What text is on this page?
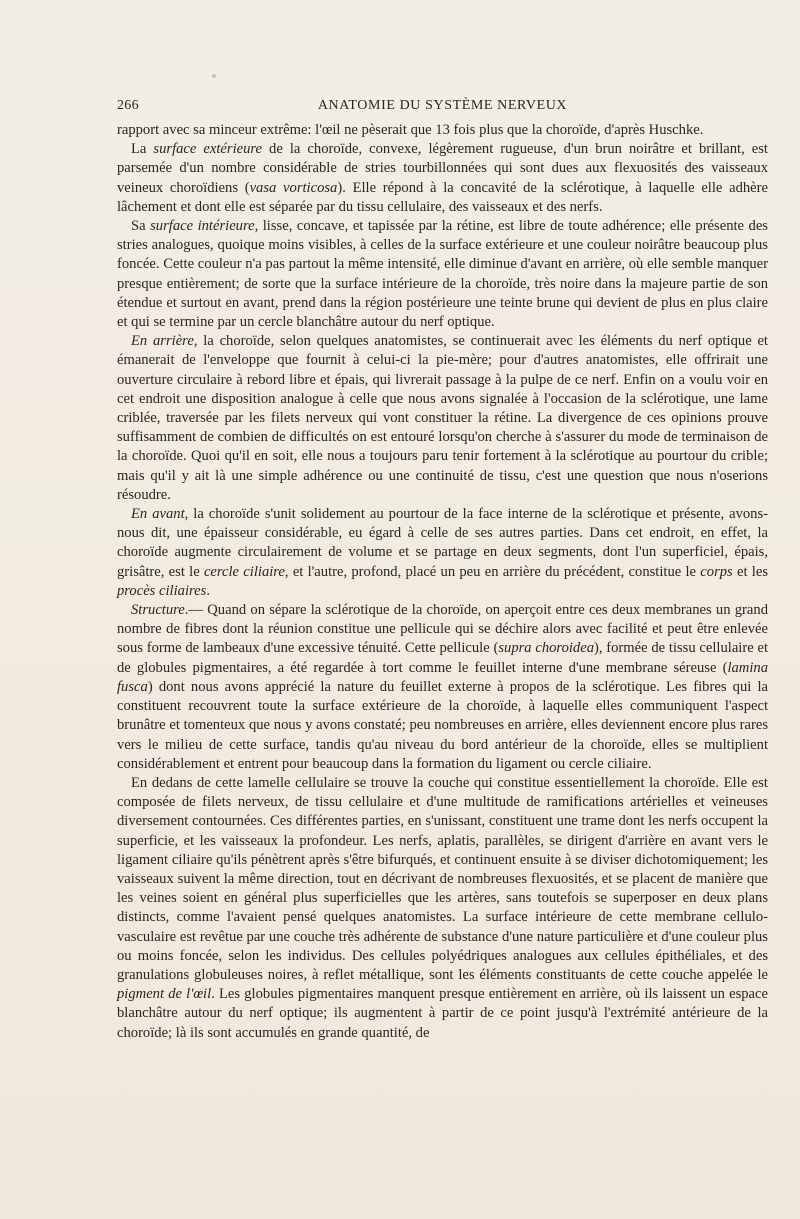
266	ANATOMIE DU SYSTÈME NERVEUX

rapport avec sa minceur extrême: l'œil ne pèserait que 13 fois plus que la choroïde, d'après Huschke.

La surface extérieure de la choroïde, convexe, légèrement rugueuse, d'un brun noirâtre et brillant, est parsemée d'un nombre considérable de stries tourbillonnées qui sont dues aux flexuosités des vaisseaux veineux choroïdiens (vasa vorticosa). Elle répond à la concavité de la sclérotique, à laquelle elle adhère lâchement et dont elle est séparée par du tissu cellulaire, des vaisseaux et des nerfs.

Sa surface intérieure, lisse, concave, et tapissée par la rétine, est libre de toute adhérence; elle présente des stries analogues, quoique moins visibles, à celles de la surface extérieure et une couleur noirâtre beaucoup plus foncée. Cette couleur n'a pas partout la même intensité, elle diminue d'avant en arrière, où elle semble manquer presque entièrement; de sorte que la surface intérieure de la choroïde, très noire dans la majeure partie de son étendue et surtout en avant, prend dans la région postérieure une teinte brune qui devient de plus en plus claire et qui se termine par un cercle blanchâtre autour du nerf optique.

En arrière, la choroïde, selon quelques anatomistes, se continuerait avec les éléments du nerf optique et émanerait de l'enveloppe que fournit à celui-ci la pie-mère; pour d'autres anatomistes, elle offrirait une ouverture circulaire à rebord libre et épais, qui livrerait passage à la pulpe de ce nerf. Enfin on a voulu voir en cet endroit une disposition analogue à celle que nous avons signalée à l'occasion de la sclérotique, une lame criblée, traversée par les filets nerveux qui vont constituer la rétine. La divergence de ces opinions prouve suffisamment de combien de difficultés on est entouré lorsqu'on cherche à s'assurer du mode de terminaison de la choroïde. Quoi qu'il en soit, elle nous a toujours paru tenir fortement à la sclérotique au pourtour du crible; mais qu'il y ait là une simple adhérence ou une continuité de tissu, c'est une question que nous n'oserions résoudre.

En avant, la choroïde s'unit solidement au pourtour de la face interne de la sclérotique et présente, avons-nous dit, une épaisseur considérable, eu égard à celle de ses autres parties. Dans cet endroit, en effet, la choroïde augmente circulairement de volume et se partage en deux segments, dont l'un superficiel, épais, grisâtre, est le cercle ciliaire, et l'autre, profond, placé un peu en arrière du précédent, constitue le corps et les procès ciliaires.

Structure.— Quand on sépare la sclérotique de la choroïde, on aperçoit entre ces deux membranes un grand nombre de fibres dont la réunion constitue une pellicule qui se déchire alors avec facilité et peut être enlevée sous forme de lambeaux d'une excessive ténuité. Cette pellicule (supra choroidea), formée de tissu cellulaire et de globules pigmentaires, a été regardée à tort comme le feuillet interne d'une membrane séreuse (lamina fusca) dont nous avons apprécié la nature du feuillet externe à propos de la sclérotique. Les fibres qui la constituent recouvrent toute la surface extérieure de la choroïde, à laquelle elles communiquent l'aspect brunâtre et tomenteux que nous y avons constaté; peu nombreuses en arrière, elles deviennent encore plus rares vers le milieu de cette surface, tandis qu'au niveau du bord antérieur de la choroïde, elles se multiplient considérablement et entrent pour beaucoup dans la formation du ligament ou cercle ciliaire.

En dedans de cette lamelle cellulaire se trouve la couche qui constitue essentiellement la choroïde. Elle est composée de filets nerveux, de tissu cellulaire et d'une multitude de ramifications artérielles et veineuses diversement contournées. Ces différentes parties, en s'unissant, constituent une trame dont les nerfs occupent la superficie, et les vaisseaux la profondeur. Les nerfs, aplatis, parallèles, se dirigent d'arrière en avant vers le ligament ciliaire qu'ils pénètrent après s'être bifurqués, et continuent ensuite à se diviser dichotomiquement; les vaisseaux suivent la même direction, tout en décrivant de nombreuses flexuosités, et se placent de manière que les veines soient en général plus superficielles que les artères, sans toutefois se superposer en deux plans distincts, comme l'avaient pensé quelques anatomistes. La surface intérieure de cette membrane cellulo-vasculaire est revêtue par une couche très adhérente de substance d'une nature particulière et d'une couleur plus ou moins foncée, selon les individus. Des cellules polyédriques analogues aux cellules épithéliales, et des granulations globuleuses noires, à reflet métallique, sont les éléments constituants de cette couche appelée le pigment de l'œil. Les globules pigmentaires manquent presque entièrement en arrière, où ils laissent un espace blanchâtre autour du nerf optique; ils augmentent à partir de ce point jusqu'à l'extrémité antérieure de la choroïde; là ils sont accumulés en grande quantité, de
